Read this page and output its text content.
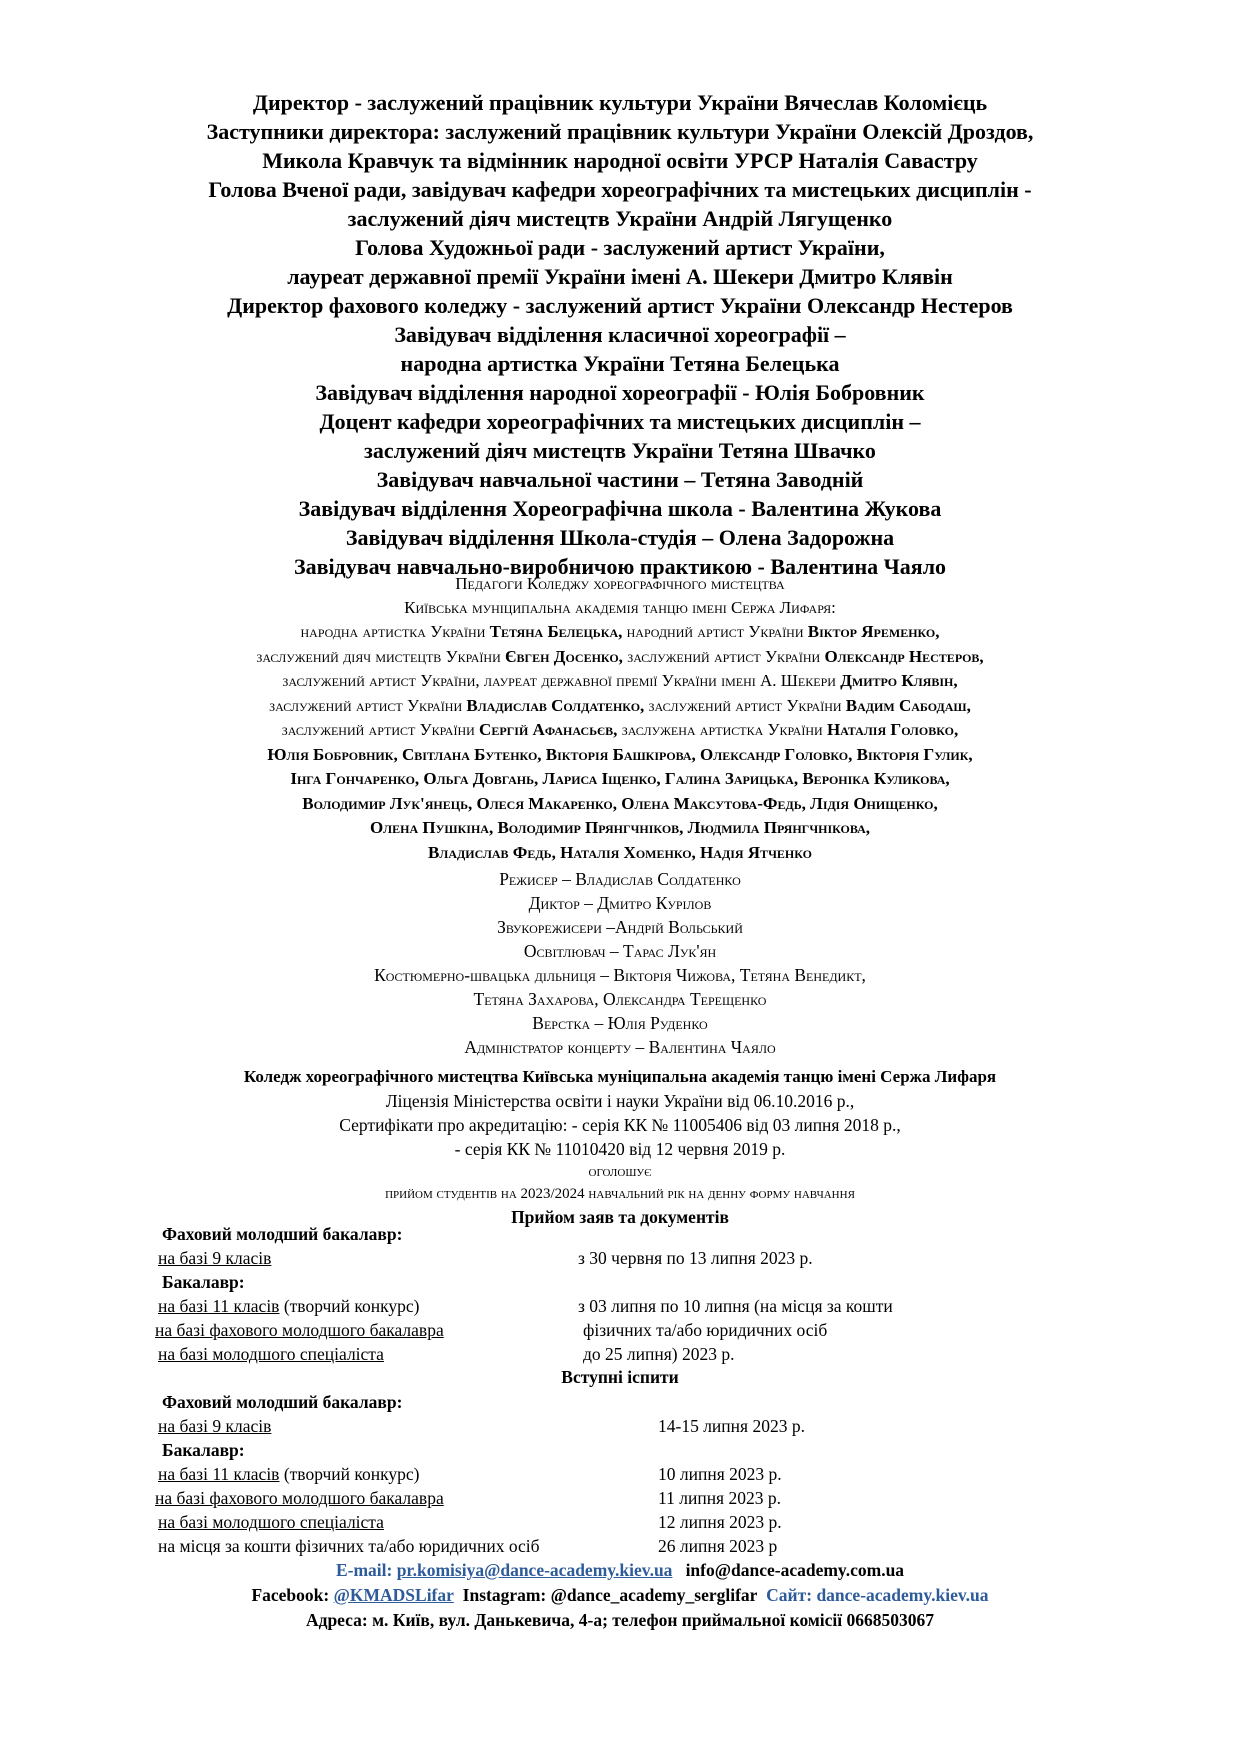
Директор - заслужений працівник культури України Вячеслав Коломієць
Заступники директора: заслужений працівник культури України Олексій Дроздов,
Микола Кравчук та відмінник народної освіти УРСР Наталія Савастру
Голова Вченої ради, завідувач кафедри хореографічних та мистецьких дисциплін -
заслужений діяч мистецтв України Андрій Лягущенко
Голова Художньої ради - заслужений артист України,
лауреат державної премії України імені А. Шекери Дмитро Клявін
Директор фахового коледжу - заслужений артист України Олександр Нестеров
Завідувач відділення класичної хореографії –
народна артистка України Тетяна Белецька
Завідувач відділення народної хореографії - Юлія Бобровник
Доцент кафедри хореографічних та мистецьких дисциплін –
заслужений діяч мистецтв України Тетяна Швачко
Завідувач навчальної частини – Тетяна Заводній
Завідувач відділення Хореографічна школа - Валентина Жукова
Завідувач відділення Школа-студія – Олена Задорожна
Завідувач навчально-виробничою практикою - Валентина Чаяло
Педагоги Коледжу хореографічного мистецтва
Київська муніципальна академія танцю імені Сержа Лифаря:
народна артистка України Тетяна Белецька, народний артист України Віктор Яременко,
заслужений діяч мистецтв України Євген Досенко, заслужений артист України Олександр Нестеров,
заслужений артист України, лауреат державної премії України імені А. Шекери Дмитро Клявін,
заслужений артист України Владислав Солдатенко, заслужений артист України Вадим Сабодаш,
заслужений артист України Сергій Афанасьєв, заслужена артистка України Наталія Головко,
Юлія Бобровник, Світлана Бутенко, Вікторія Башкірова, Олександр Головко, Вікторія Гулик,
Інга Гончаренко, Ольга Довгань, Лариса Іщенко, Галина Зарицька, Вероніка Куликова,
Володимир Лук'янець, Олеся Макаренко, Олена Максутова-Федь, Лідія Онищенко,
Олена Пушкіна, Володимир Прянгчніков, Людмила Прянгчнікова,
Владислав Федь, Наталія Хоменко, Надія Ятченко
Режисер – Владислав Солдатенко
Диктор – Дмитро Курілов
Звукорежисери –Андрій Вольський
Освітлювач – Тарас Лук'ян
Костюмерно-швацька дільниця – Вікторія Чижова, Тетяна Венедикт,
Тетяна Захарова, Олександра Терещенко
Верстка – Юлія Руденко
Адміністратор концерту – Валентина Чаяло
Коледж хореографічного мистецтва Київська муніципальна академія танцю імені Сержа Лифаря
Ліцензія Міністерства освіти і науки України від 06.10.2016 р.,
Сертифікати про акредитацію: - серія КК № 11005406 від 03 липня 2018 р.,
- серія КК № 11010420 від 12 червня 2019 р.
оголошує
прийом студентів на 2023/2024 навчальний рік на денну форму навчання
Прийом заяв та документів
Фаховий молодший бакалавр:
на базі 9 класів	з 30 червня по 13 липня 2023 р.
Бакалавр:
на базі 11 класів (творчий конкурс)	з 03 липня по 10 липня (на місця за кошти
на базі фахового молодшого бакалавра	фізичних та/або юридичних осіб
на базі молодшого спеціаліста	до 25 липня) 2023 р.
Вступні іспити
Фаховий молодший бакалавр:
на базі 9 класів	14-15 липня 2023 р.
Бакалавр:
на базі 11 класів (творчий конкурс)	10 липня 2023 р.
на базі фахового молодшого бакалавра	11 липня 2023 р.
на базі молодшого спеціаліста	12 липня 2023 р.
на місця за кошти фізичних та/або юридичних осіб	26 липня 2023 р
E-mail: pr.komisiya@dance-academy.kiev.ua info@dance-academy.com.ua
Facebook: @KMADSLifar Instagram: @dance_academy_serglifar Сайт: dance-academy.kiev.ua
Адреса: м. Київ, вул. Данькевича, 4-а; телефон приймальної комісії 0668503067
